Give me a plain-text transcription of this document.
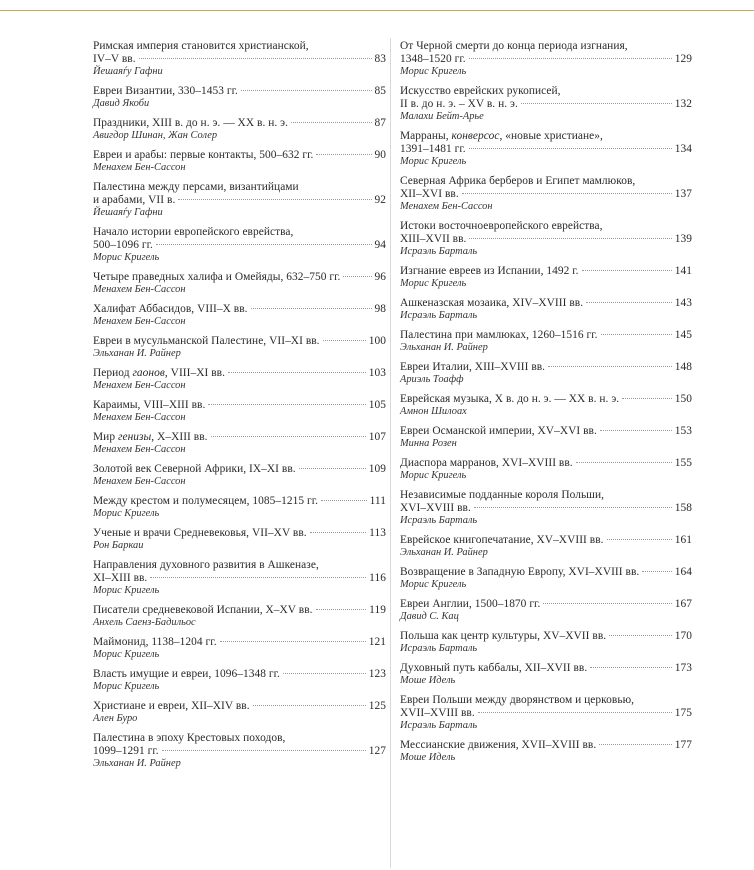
Римская империя становится христианской,
IV–V вв.	83
Йешаяѓу Гафни
Евреи Византии, 330–1453 гг.	85
Давид Якоби
Праздники, XIII в. до н. э. — XX в. н. э.	87
Авигдор Шинан, Жан Солер
Евреи и арабы: первые контакты, 500–632 гг.	90
Менахем Бен-Сассон
Палестина между персами, византийцами
и арабами, VII в.	92
Йешаяѓу Гафни
Начало истории европейского еврейства,
500–1096 гг.	94
Морис Кригель
Четыре праведных халифа и Омейяды, 632–750 гг.	96
Менахем Бен-Сассон
Халифат Аббасидов, VIII–X вв.	98
Менахем Бен-Сассон
Евреи в мусульманской Палестине, VII–XI вв.	100
Эльханан И. Райнер
Период гаонов, VIII–XI вв.	103
Менахем Бен-Сассон
Караимы, VIII–XIII вв.	105
Менахем Бен-Сассон
Мир генизы, X–XIII вв.	107
Менахем Бен-Сассон
Золотой век Северной Африки, IX–XI вв.	109
Менахем Бен-Сассон
Между крестом и полумесяцем, 1085–1215 гг.	111
Морис Кригель
Ученые и врачи Средневековья, VII–XV вв.	113
Рон Баркаи
Направления духовного развития в Ашкеназе,
XI–XIII вв.	116
Морис Кригель
Писатели средневековой Испании, X–XV вв.	119
Анхель Саенз-Бадильос
Маймонид, 1138–1204 гг.	121
Морис Кригель
Власть имущие и евреи, 1096–1348 гг.	123
Морис Кригель
Христиане и евреи, XII–XIV вв.	125
Ален Буро
Палестина в эпоху Крестовых походов,
1099–1291 гг.	127
Эльханан И. Райнер
От Черной смерти до конца периода изгнания,
1348–1520 гг.	129
Морис Кригель
Искусство еврейских рукописей,
II в. до н. э. – XV в. н. э.	132
Малахи Бейт-Арье
Марраны, конверсос, «новые христиане»,
1391–1481 гг.	134
Морис Кригель
Северная Африка берберов и Египет мамлюков,
XII–XVI вв.	137
Менахем Бен-Сассон
Истоки восточноевропейского еврейства,
XIII–XVII вв.	139
Исраэль Барталь
Изгнание евреев из Испании, 1492 г.	141
Морис Кригель
Ашкеназская мозаика, XIV–XVIII вв.	143
Исраэль Барталь
Палестина при мамлюках, 1260–1516 гг.	145
Эльханан И. Райнер
Евреи Италии, XIII–XVIII вв.	148
Ариэль Тоафф
Еврейская музыка, X в. до н. э. — XX в. н. э.	150
Амнон Шилоах
Евреи Османской империи, XV–XVI вв.	153
Минна Розен
Диаспора марранов, XVI–XVIII вв.	155
Морис Кригель
Независимые подданные короля Польши,
XVI–XVIII вв.	158
Исраэль Барталь
Еврейское книгопечатание, XV–XVIII вв.	161
Эльханан И. Райнер
Возвращение в Западную Европу, XVI–XVIII вв.	164
Морис Кригель
Евреи Англии, 1500–1870 гг.	167
Давид С. Кац
Польша как центр культуры, XV–XVII вв.	170
Исраэль Барталь
Духовный путь каббалы, XII–XVII вв.	173
Моше Идель
Евреи Польши между дворянством и церковью,
XVII–XVIII вв.	175
Исраэль Барталь
Мессианские движения, XVII–XVIII вв.	177
Моше Идель
